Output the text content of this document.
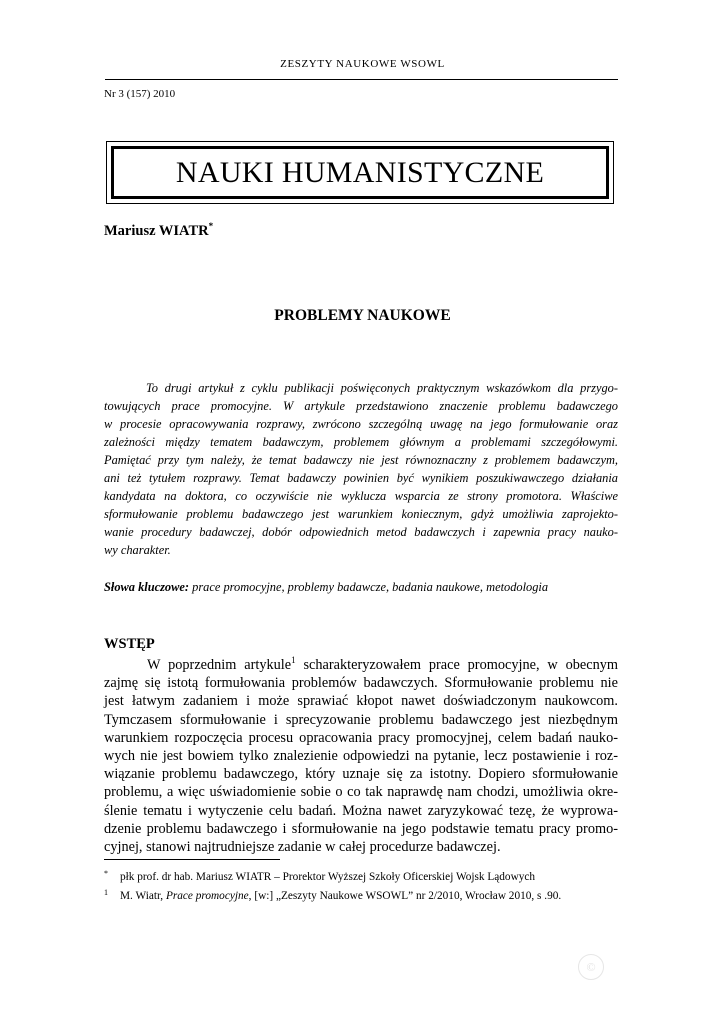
ZESZYTY NAUKOWE WSOWL
Nr 3 (157) 2010
NAUKI HUMANISTYCZNE
Mariusz WIATR*
PROBLEMY NAUKOWE
To drugi artykuł z cyklu publikacji poświęconych praktycznym wskazówkom dla przygo-
towujących prace promocyjne. W artykule przedstawiono znaczenie problemu badawczego
w procesie opracowywania rozprawy, zwrócono szczególną uwagę na jego formułowanie oraz
zależności między tematem badawczym, problemem głównym a problemami szczegółowymi.
Pamiętać przy tym należy, że temat badawczy nie jest równoznaczny z problemem badawczym,
ani też tytułem rozprawy. Temat badawczy powinien być wynikiem poszukiwawczego działania
kandydata na doktora, co oczywiście nie wyklucza wsparcia ze strony promotora. Właściwe
sformułowanie problemu badawczego jest warunkiem koniecznym, gdyż umożliwia zaprojekto-
wanie procedury badawczej, dobór odpowiednich metod badawczych i zapewnia pracy nauko-
wy charakter.
Słowa kluczowe: prace promocyjne, problemy badawcze, badania naukowe, metodologia
WSTĘP
W poprzednim artykule$^1$ scharakteryzowałem prace promocyjne, w obecnym
zajmę się istotą formułowania problemów badawczych. Sformułowanie problemu nie
jest łatwym zadaniem i może sprawiać kłopot nawet doświadczonym naukowcom.
Tymczasem sformułowanie i sprecyzowanie problemu badawczego jest niezbędnym
warunkiem rozpoczęcia procesu opracowania pracy promocyjnej, celem badań nauko-
wych nie jest bowiem tylko znalezienie odpowiedzi na pytanie, lecz postawienie i roz-
wiązanie problemu badawczego, który uznaje się za istotny. Dopiero sformułowanie
problemu, a więc uświadomienie sobie o co tak naprawdę nam chodzi, umożliwia okre-
ślenie tematu i wytyczenie celu badań. Można nawet zaryzykować tezę, że wyprowa-
dzenie problemu badawczego i sformułowanie na jego podstawie tematu pracy promo-
cyjnej, stanowi najtrudniejsze zadanie w całej procedurze badawczej.
* płk prof. dr hab. Mariusz WIATR – Prorektor Wyższej Szkoły Oficerskiej Wojsk Lądowych
1 M. Wiatr, Prace promocyjne, [w:] „Zeszyty Naukowe WSOWL” nr 2/2010, Wrocław 2010, s .90.
©
